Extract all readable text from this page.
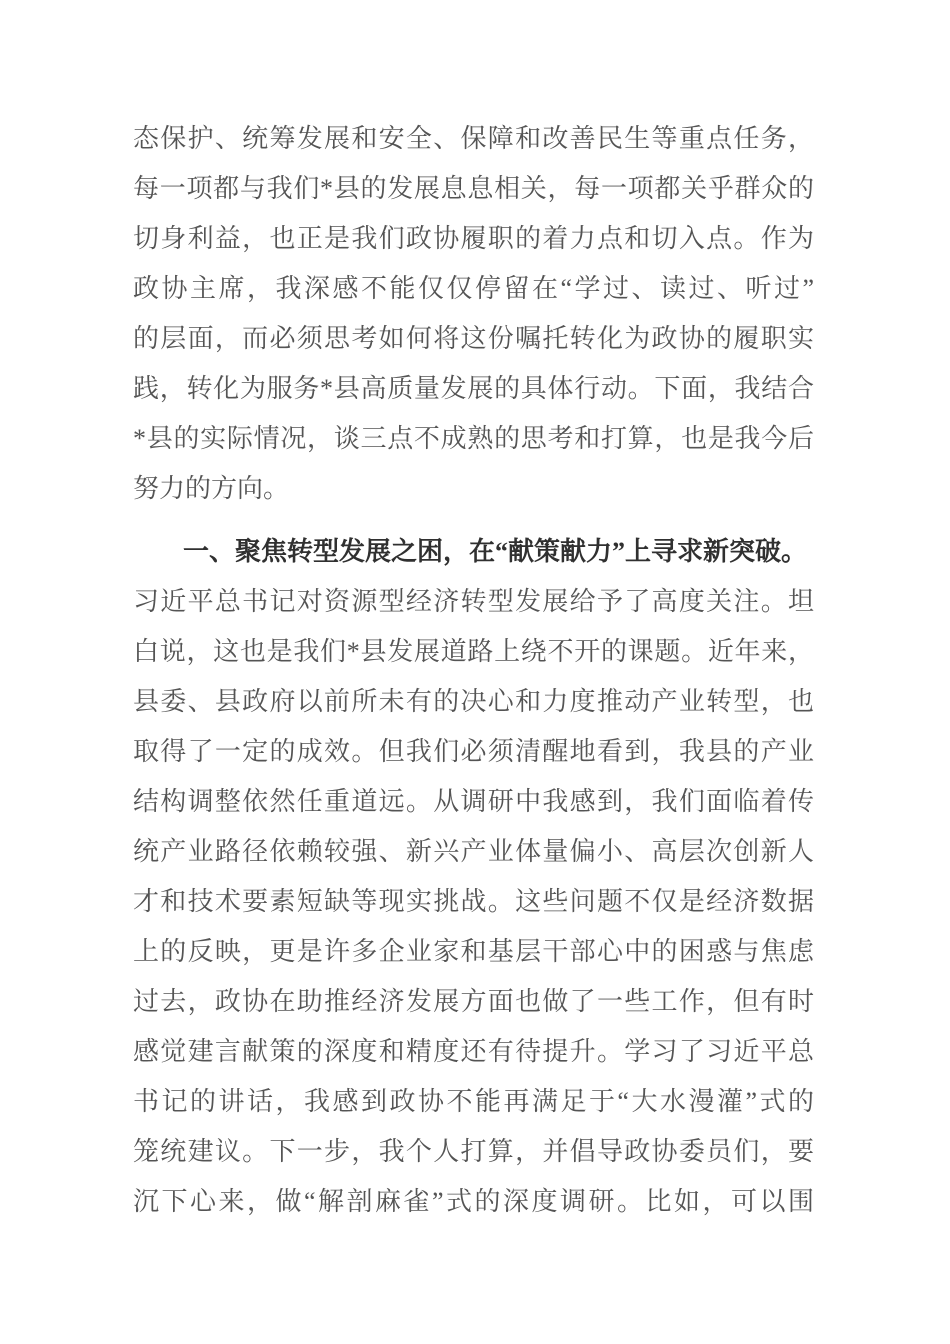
态保护、统筹发展和安全、保障和改善民生等重点任务，
每一项都与我们*县的发展息息相关，每一项都关乎群众的
切身利益，也正是我们政协履职的着力点和切入点。作为
政协主席，我深感不能仅仅停留在“学过、读过、听过”
的层面，而必须思考如何将这份嘱托转化为政协的履职实
践，转化为服务*县高质量发展的具体行动。下面，我结合
*县的实际情况，谈三点不成熟的思考和打算，也是我今后
努力的方向。
一、聚焦转型发展之困，在“献策献力”上寻求新突破。
习近平总书记对资源型经济转型发展给予了高度关注。坦
白说，这也是我们*县发展道路上绕不开的课题。近年来，
县委、县政府以前所未有的决心和力度推动产业转型，也
取得了一定的成效。但我们必须清醒地看到，我县的产业
结构调整依然任重道远。从调研中我感到，我们面临着传
统产业路径依赖较强、新兴产业体量偏小、高层次创新人
才和技术要素短缺等现实挑战。这些问题不仅是经济数据
上的反映，更是许多企业家和基层干部心中的困惑与焦虑
过去，政协在助推经济发展方面也做了一些工作，但有时
感觉建言献策的深度和精度还有待提升。学习了习近平总
书记的讲话，我感到政协不能再满足于“大水漫灌”式的
笼统建议。下一步，我个人打算，并倡导政协委员们，要
沉下心来，做“解剖麻雀”式的深度调研。比如，可以围
